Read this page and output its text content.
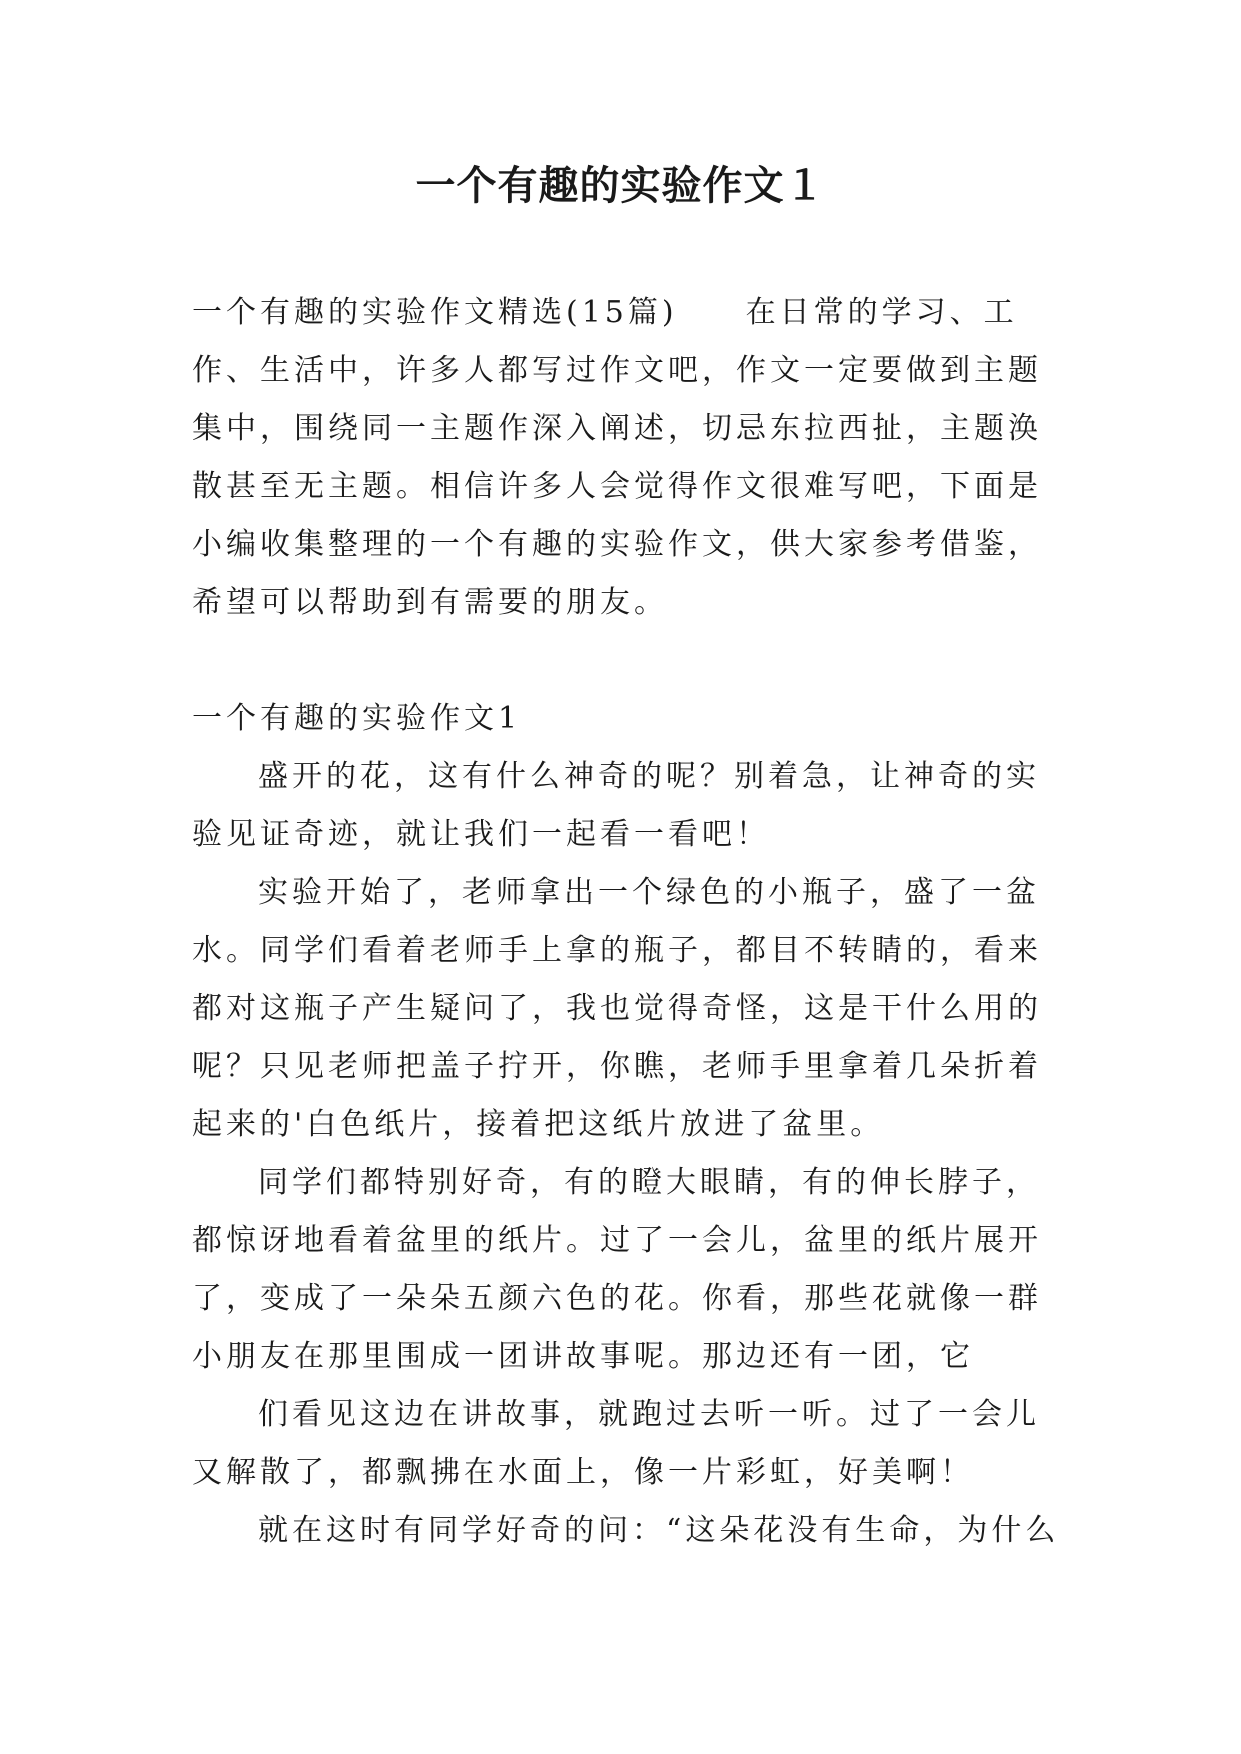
一个有趣的实验作文１

一个有趣的实验作文精选(15篇)　　在日常的学习、工作、生活中，许多人都写过作文吧，作文一定要做到主题集中，围绕同一主题作深入阐述，切忌东拉西扯，主题涣散甚至无主题。相信许多人会觉得作文很难写吧，下面是小编收集整理的一个有趣的实验作文，供大家参考借鉴，希望可以帮助到有需要的朋友。

一个有趣的实验作文1

盛开的花，这有什么神奇的呢？别着急，让神奇的实验见证奇迹，就让我们一起看一看吧！

实验开始了，老师拿出一个绿色的小瓶子，盛了一盆水。同学们看着老师手上拿的瓶子，都目不转睛的，看来都对这瓶子产生疑问了，我也觉得奇怪，这是干什么用的呢？只见老师把盖子拧开，你瞧，老师手里拿着几朵折着起来的'白色纸片，接着把这纸片放进了盆里。

同学们都特别好奇，有的瞪大眼睛，有的伸长脖子，都惊讶地看着盆里的纸片。过了一会儿，盆里的纸片展开了，变成了一朵朵五颜六色的花。你看，那些花就像一群小朋友在那里围成一团讲故事呢。那边还有一团，它

们看见这边在讲故事，就跑过去听一听。过了一会儿又解散了，都飘拂在水面上，像一片彩虹，好美啊！

就在这时有同学好奇的问：“这朵花没有生命，为什么
